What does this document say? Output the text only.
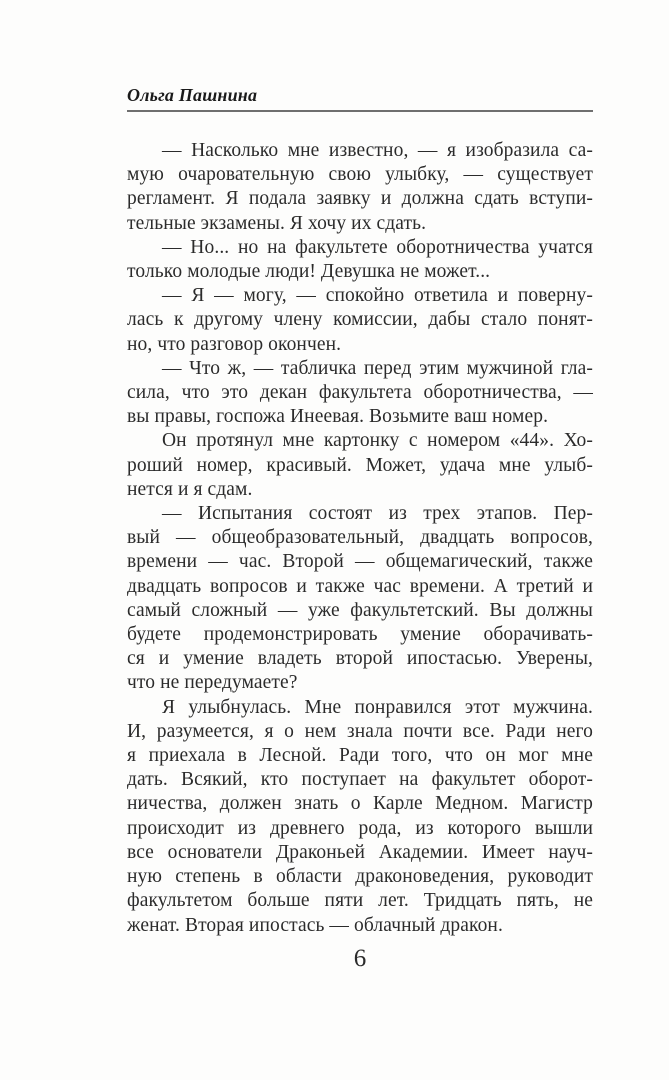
Ольга Пашнина
— Насколько мне известно, — я изобразила са-
мую очаровательную свою улыбку, — существует
регламент. Я подала заявку и должна сдать вступи-
тельные экзамены. Я хочу их сдать.
— Но... но на факультете оборотничества учатся
только молодые люди! Девушка не может...
— Я — могу, — спокойно ответила и поверну-
лась к другому члену комиссии, дабы стало понят-
но, что разговор окончен.
— Что ж, — табличка перед этим мужчиной гла-
сила, что это декан факультета оборотничества, —
вы правы, госпожа Инеевая. Возьмите ваш номер.
Он протянул мне картонку с номером «44». Хо-
роший номер, красивый. Может, удача мне улыб-
нется и я сдам.
— Испытания состоят из трех этапов. Пер-
вый — общеобразовательный, двадцать вопросов,
времени — час. Второй — общемагический, также
двадцать вопросов и также час времени. А третий и
самый сложный — уже факультетский. Вы должны
будете продемонстрировать умение оборачивать-
ся и умение владеть второй ипостасью. Уверены,
что не передумаете?
Я улыбнулась. Мне понравился этот мужчина.
И, разумеется, я о нем знала почти все. Ради него
я приехала в Лесной. Ради того, что он мог мне
дать. Всякий, кто поступает на факультет оборот-
ничества, должен знать о Карле Медном. Магистр
происходит из древнего рода, из которого вышли
все основатели Драконьей Академии. Имеет науч-
ную степень в области драконоведения, руководит
факультетом больше пяти лет. Тридцать пять, не
женат. Вторая ипостась — облачный дракон.
6
